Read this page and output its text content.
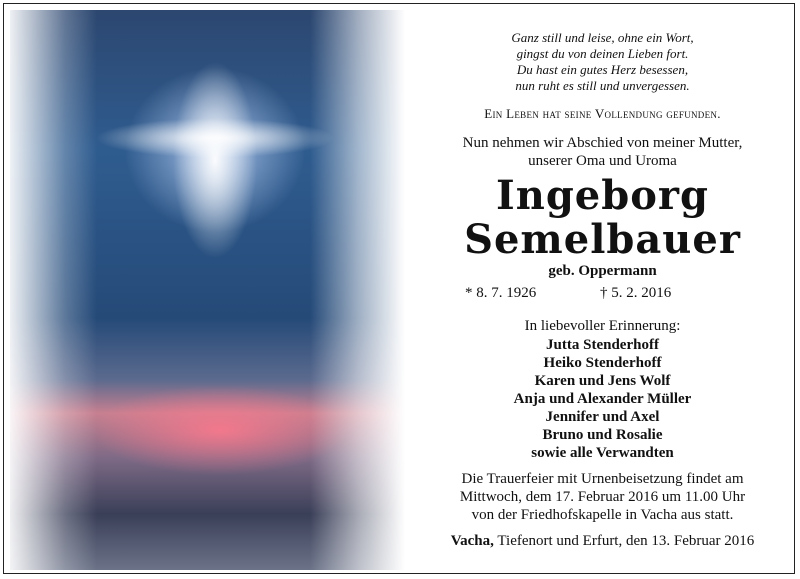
Ganz still und leise, ohne ein Wort,
gingst du von deinen Lieben fort.
Du hast ein gutes Herz besessen,
nun ruht es still und unvergessen.
Ein Leben hat seine Vollendung gefunden.
Nun nehmen wir Abschied von meiner Mutter,
unserer Oma und Uroma
Ingeborg
Semelbauer
geb. Oppermann
* 8. 7. 1926	† 5. 2. 2016
In liebevoller Erinnerung:
Jutta Stenderhoff
Heiko Stenderhoff
Karen und Jens Wolf
Anja und Alexander Müller
Jennifer und Axel
Bruno und Rosalie
sowie alle Verwandten
Die Trauerfeier mit Urnenbeisetzung findet am
Mittwoch, dem 17. Februar 2016 um 11.00 Uhr
von der Friedhofskapelle in Vacha aus statt.
Vacha, Tiefenort und Erfurt, den 13. Februar 2016
